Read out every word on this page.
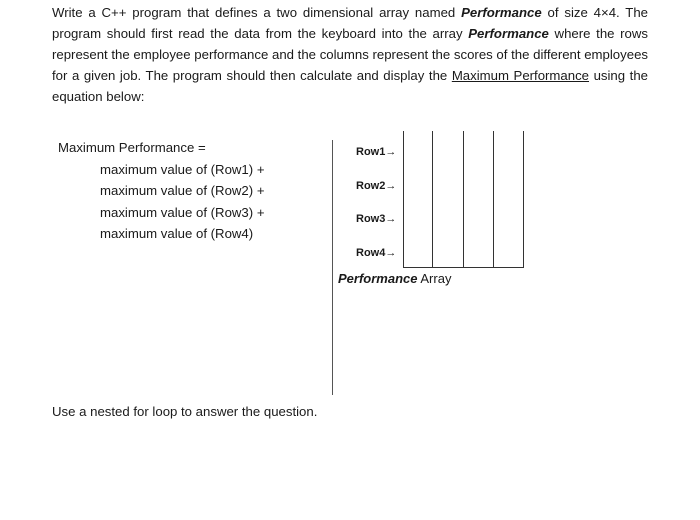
Write a C++ program that defines a two dimensional array named Performance of size 4×4. The program should first read the data from the keyboard into the array Performance where the rows represent the employee performance and the columns represent the scores of the different employees for a given job. The program should then calculate and display the Maximum Performance using the equation below:
Maximum Performance =
maximum value of (Row1) +
maximum value of (Row2) +
maximum value of (Row3) +
maximum value of (Row4)
Row1→
Row2→
Row3→
Row4→
Performance Array
Use a nested for loop to answer the question.
